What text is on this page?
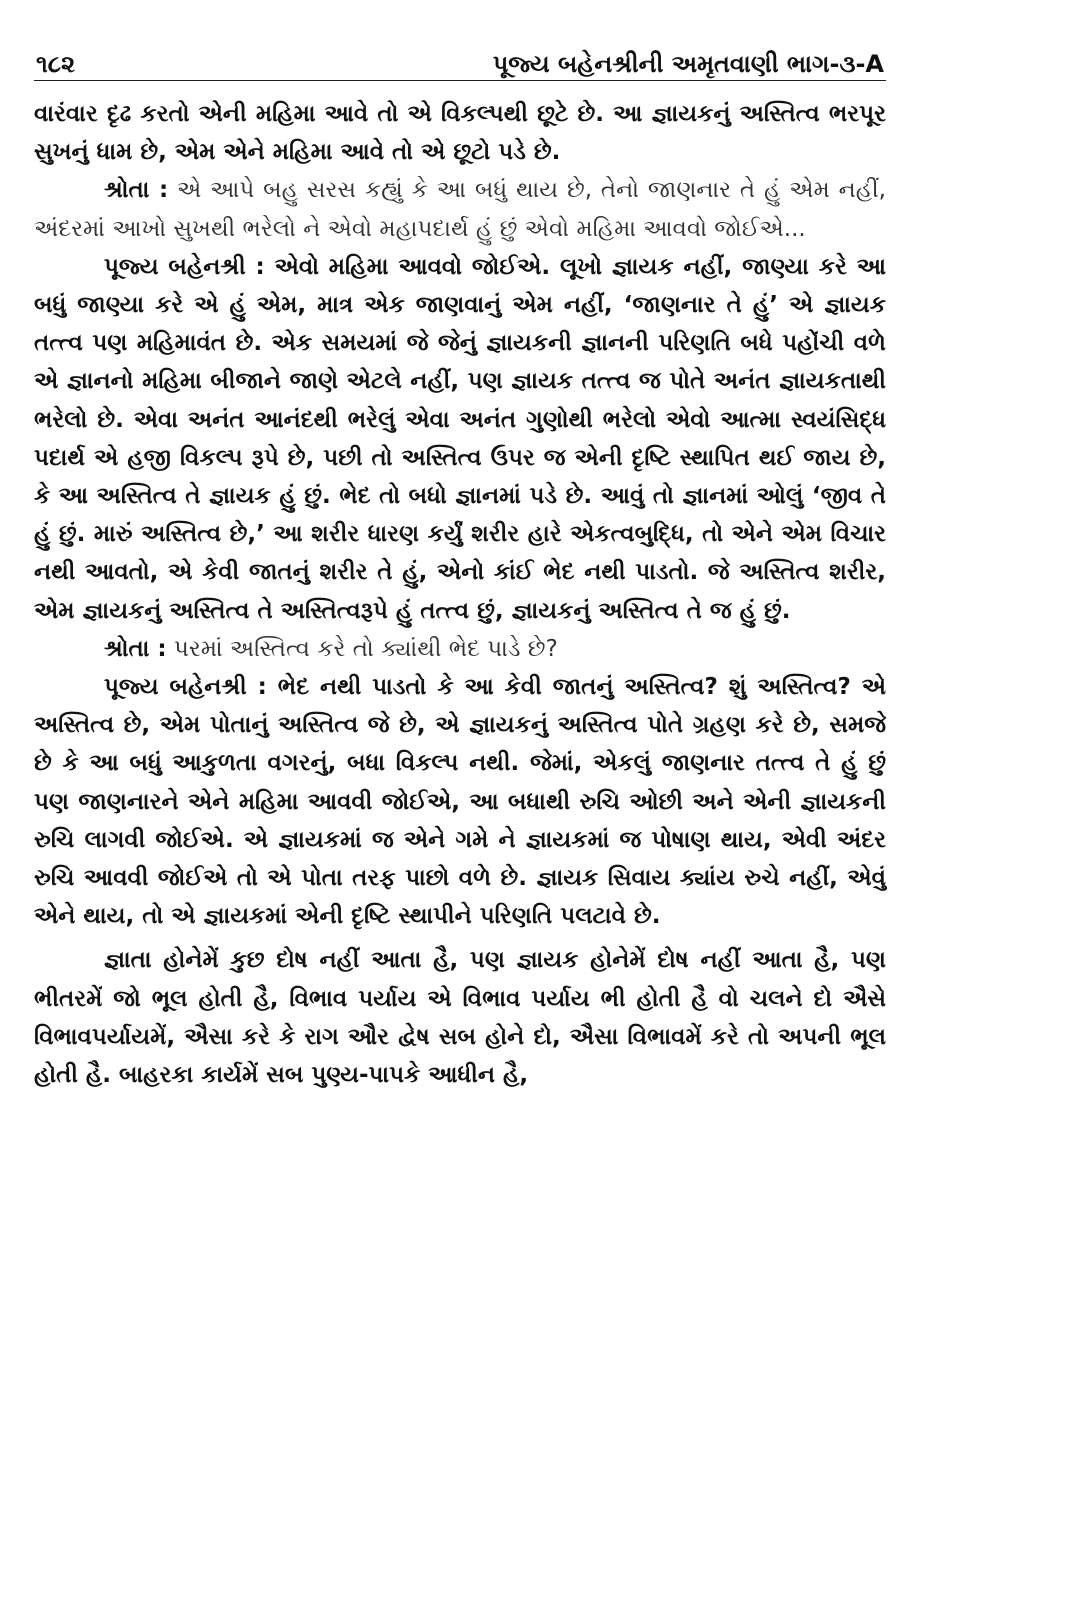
૧૮૨	પૂજ્ય બહેનશ્રીની અમૃતવાણી ભાગ-૩-A

વારંવાર દૃઢ કરતો એની મહિમા આવે તો એ વિકલ્પથી છૂટે છે. આ જ્ઞાયકનું અસ્તિત્વ ભરપૂર સુખનું ધામ છે, એમ એને મહિમા આવે તો એ છૂટો પડે છે.

શ્રોતા : એ આપે બહુ સરસ કહ્યું કે આ બધું થાય છે, તેનો જાણનાર તે હું એમ નહીં, અંદરમાં આખો સુખથી ભરેલો ને એવો મહાપદાર્થ હું છું એવો મહિમા આવવો જોઈએ...

પૂજ્ય બહેનશ્રી : એવો મહિમા આવવો જોઈએ. લૂખો જ્ઞાયક નહીં, જાણ્યા કરે આ બધું જાણ્યા કરે એ હું એમ, માત્ર એક જાણવાનું એમ નહીં, ‘જાણનાર તે હું’ એ જ્ઞાયક તત્ત્વ પણ મહિમાવંત છે. એક સમયમાં જે જેનું જ્ઞાયકની જ્ઞાનની પરિણતિ બધે પહોંચી વળે એ જ્ઞાનનો મહિમા બીજાને જાણે એટલે નહીં, પણ જ્ઞાયક તત્ત્વ જ પોતે અનંત જ્ઞાયકતાથી ભરેલો છે. એવા અનંત આનંદથી ભરેલું એવા અનંત ગુણોથી ભરેલો એવો આત્મા સ્વયંસિદ્ધ પદાર્થ એ હજી વિકલ્પ રૂપે છે, પછી તો અસ્તિત્વ ઉપર જ એની દૃષ્ટિ સ્થાપિત થઈ જાય છે, કે આ અસ્તિત્વ તે જ્ઞાયક હું છું. ભેદ તો બધો જ્ઞાનમાં પડે છે. આવું તો જ્ઞાનમાં ઓલું ‘જીવ તે હું છું. મારું અસ્તિત્વ છે,’ આ શરીર ધારણ કર્યું શરીર હારે એકત્વબુદ્ધિ, તો એને એમ વિચાર નથી આવતો, એ કેવી જાતનું શરીર તે હું, એનો કાંઈ ભેદ નથી પાડતો. જે અસ્તિત્વ શરીર, એમ જ્ઞાયકનું અસ્તિત્વ તે અસ્તિત્વરૂપે હું તત્ત્વ છું, જ્ઞાયકનું અસ્તિત્વ તે જ હું છું.

શ્રોતા : પરમાં અસ્તિત્વ કરે તો ક્યાંથી ભેદ પાડે છે?

પૂજ્ય બહેનશ્રી : ભેદ નથી પાડતો કે આ કેવી જાતનું અસ્તિત્વ? શું અસ્તિત્વ? એ અસ્તિત્વ છે, એમ પોતાનું અસ્તિત્વ જે છે, એ જ્ઞાયકનું અસ્તિત્વ પોતે ગ્રહણ કરે છે, સમજે છે કે આ બધું આકુળતા વગરનું, બધા વિકલ્પ નથી. જેમાં, એકલું જાણનાર તત્ત્વ તે હું છું પણ જાણનારને એને મહિમા આવવી જોઈએ, આ બધાથી રુચિ ઓછી અને એની જ્ઞાયકની રુચિ લાગવી જોઈએ. એ જ્ઞાયકમાં જ એને ગમે ને જ્ઞાયકમાં જ પોષાણ થાય, એવી અંદર રુચિ આવવી જોઈએ તો એ પોતા તરફ પાછો વળે છે. જ્ઞાયક સિવાય ક્યાંય રુચે નહીં, એવું એને થાય, તો એ જ્ઞાયકમાં એની દૃષ્ટિ સ્થાપીને પરિણતિ પલટાવે છે.

જ્ઞાતા હોનેમેં કુછ દોષ નહીં આતા હૈ, પણ જ્ઞાયક હોનેમેં દોષ નહીં આતા હૈ, પણ ભીતરમેં જો ભૂલ હોતી હૈ, વિભાવ પર્યાય એ વિભાવ પર્યાય ભી હોતી હૈ વો ચલને દો ઐસે વિભાવપર્યાયમેં, ઐસા કરે કે રાગ ઔર દ્વેષ સબ હોને દો, ઐસા વિભાવમેં કરે તો અપની ભૂલ હોતી હૈ. બાહરકા કાર્યમેં સબ પુણ્ય-પાપકે આધીન હૈ,
